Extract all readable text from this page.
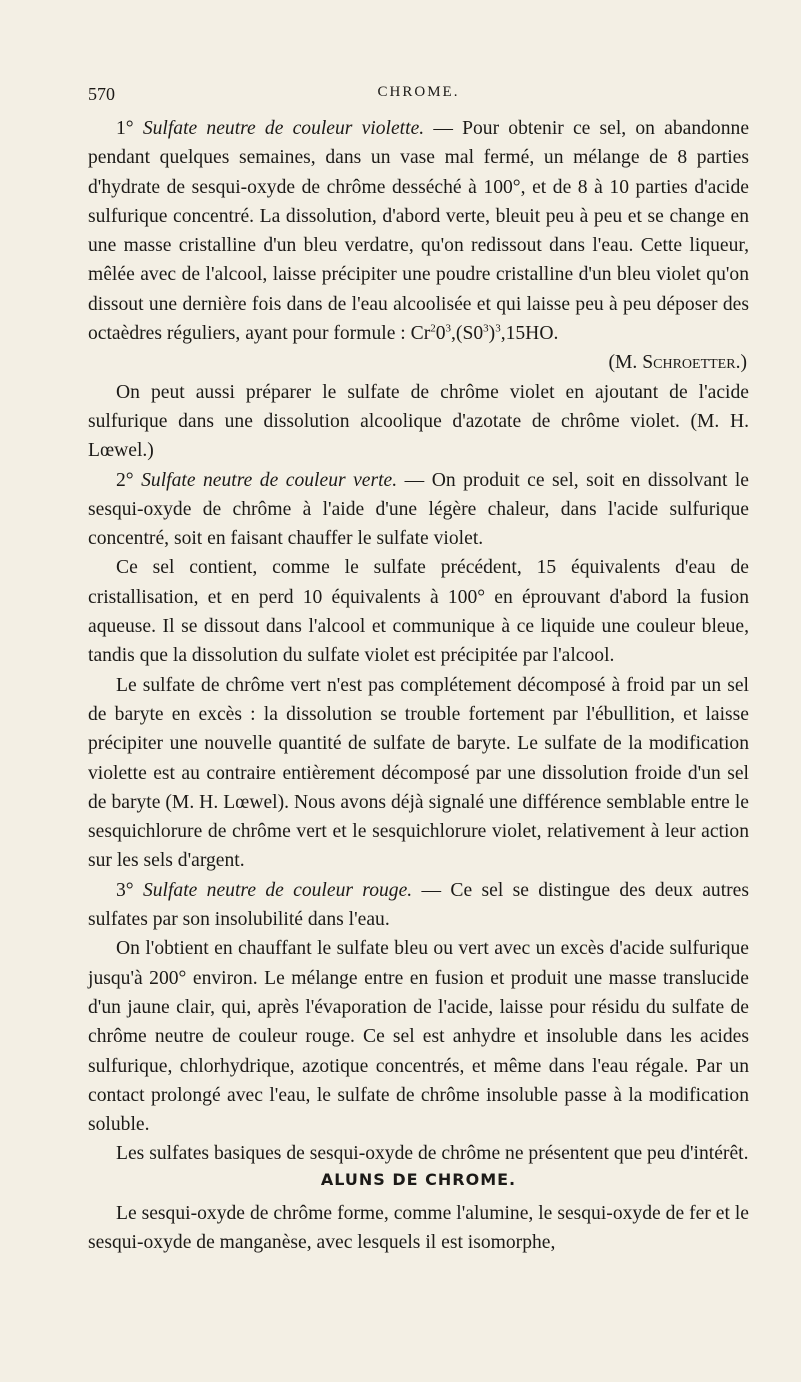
570	CHROME.

1° Sulfate neutre de couleur violette. — Pour obtenir ce sel, on abandonne pendant quelques semaines, dans un vase mal fermé, un mélange de 8 parties d'hydrate de sesqui-oxyde de chrôme desséché à 100°, et de 8 à 10 parties d'acide sulfurique concentré. La dissolution, d'abord verte, bleuit peu à peu et se change en une masse cristalline d'un bleu verdatre, qu'on redissout dans l'eau. Cette liqueur, mêlée avec de l'alcool, laisse précipiter une poudre cristalline d'un bleu violet qu'on dissout une dernière fois dans de l'eau alcoolisée et qui laisse peu à peu déposer des octaèdres réguliers, ayant pour formule : $Cr^20^3,(S0^3)^3,15HO$.

(M. Schroetter.)

On peut aussi préparer le sulfate de chrôme violet en ajoutant de l'acide sulfurique dans une dissolution alcoolique d'azotate de chrôme violet. (M. H. Lœwel.)

2° Sulfate neutre de couleur verte. — On produit ce sel, soit en dissolvant le sesqui-oxyde de chrôme à l'aide d'une légère chaleur, dans l'acide sulfurique concentré, soit en faisant chauffer le sulfate violet.

Ce sel contient, comme le sulfate précédent, 15 équivalents d'eau de cristallisation, et en perd 10 équivalents à 100° en éprouvant d'abord la fusion aqueuse. Il se dissout dans l'alcool et communique à ce liquide une couleur bleue, tandis que la dissolution du sulfate violet est précipitée par l'alcool.

Le sulfate de chrôme vert n'est pas complétement décomposé à froid par un sel de baryte en excès : la dissolution se trouble fortement par l'ébullition, et laisse précipiter une nouvelle quantité de sulfate de baryte. Le sulfate de la modification violette est au contraire entièrement décomposé par une dissolution froide d'un sel de baryte (M. H. Lœwel). Nous avons déjà signalé une différence semblable entre le sesquichlorure de chrôme vert et le sesquichlorure violet, relativement à leur action sur les sels d'argent.

3° Sulfate neutre de couleur rouge. — Ce sel se distingue des deux autres sulfates par son insolubilité dans l'eau.

On l'obtient en chauffant le sulfate bleu ou vert avec un excès d'acide sulfurique jusqu'à 200° environ. Le mélange entre en fusion et produit une masse translucide d'un jaune clair, qui, après l'évaporation de l'acide, laisse pour résidu du sulfate de chrôme neutre de couleur rouge. Ce sel est anhydre et insoluble dans les acides sulfurique, chlorhydrique, azotique concentrés, et même dans l'eau régale. Par un contact prolongé avec l'eau, le sulfate de chrôme insoluble passe à la modification soluble.

Les sulfates basiques de sesqui-oxyde de chrôme ne présentent que peu d'intérêt.

ALUNS DE CHROME.

Le sesqui-oxyde de chrôme forme, comme l'alumine, le sesqui-oxyde de fer et le sesqui-oxyde de manganèse, avec lesquels il est isomorphe,
